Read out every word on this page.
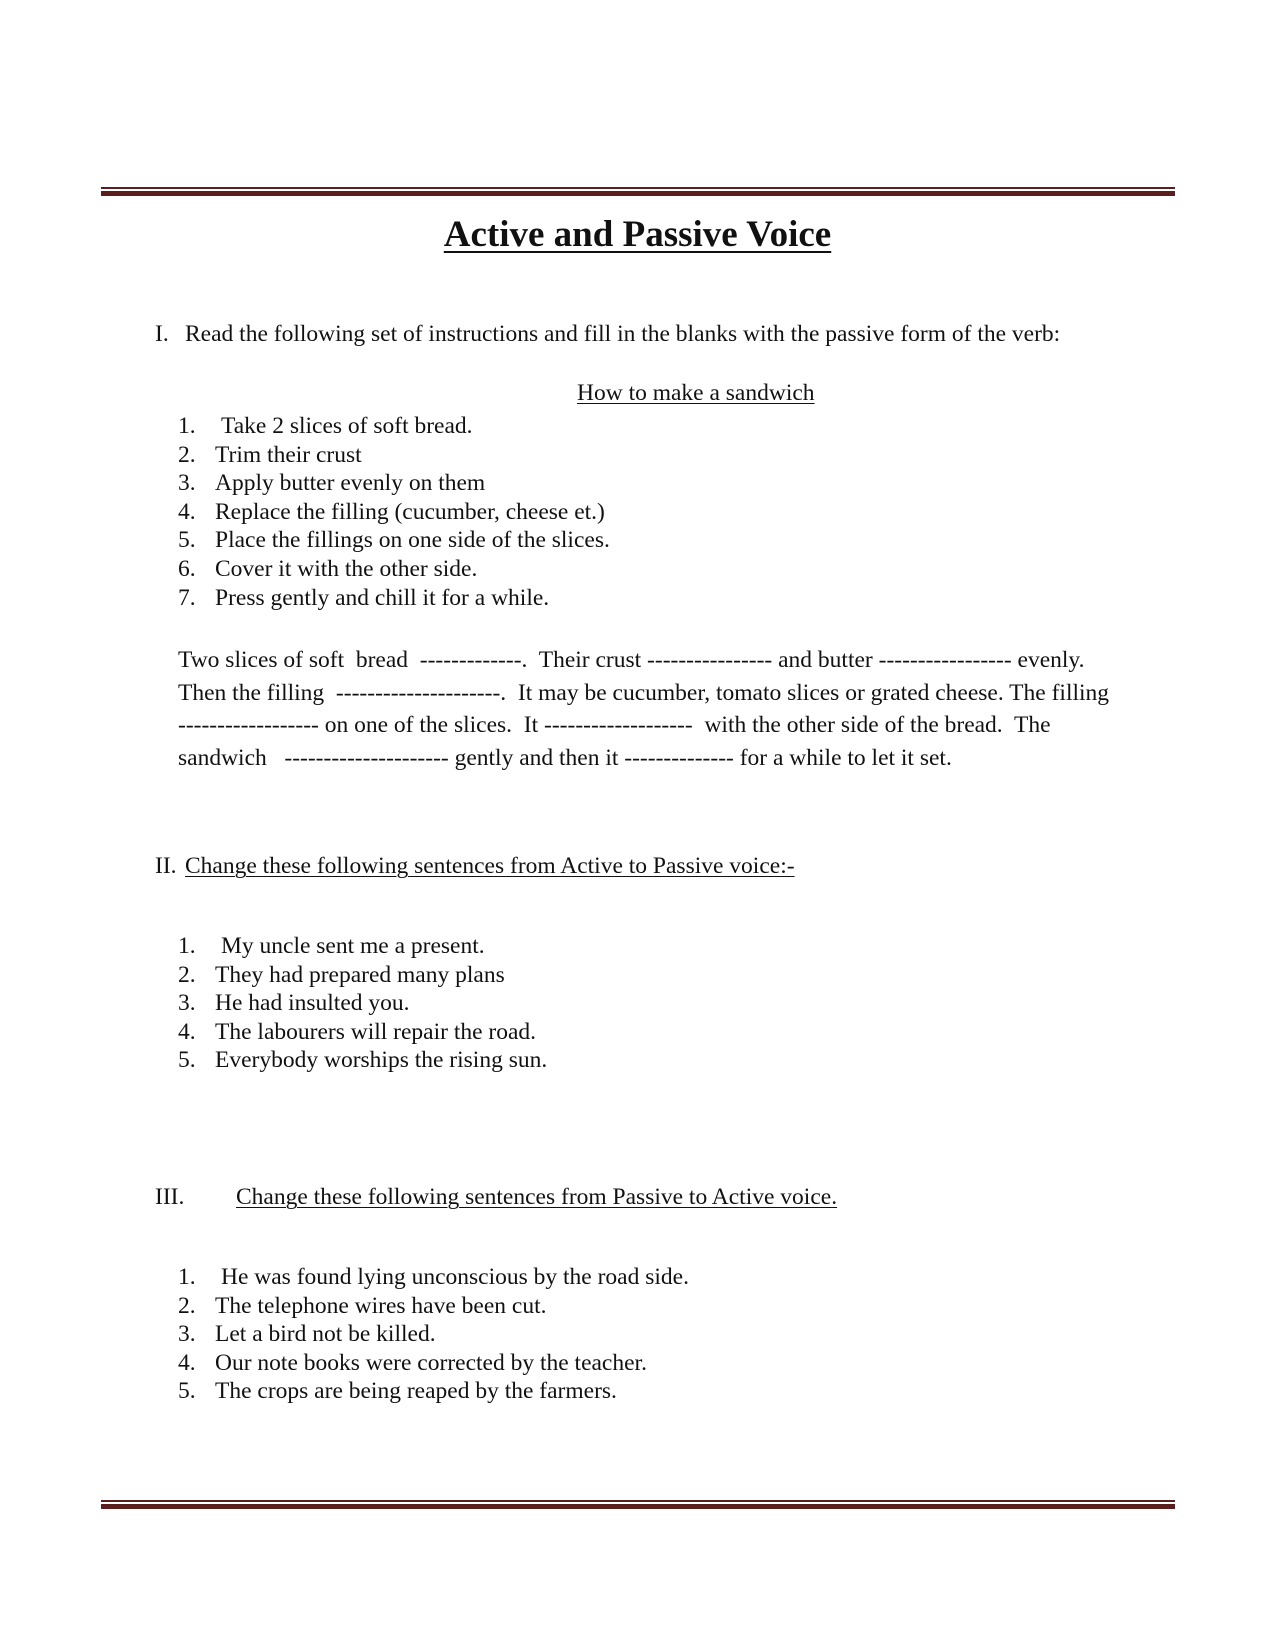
Active and Passive Voice

I. Read the following set of instructions and fill in the blanks with the passive form of the verb:

How to make a sandwich

1. Take 2 slices of soft bread.
2. Trim their crust
3. Apply butter evenly on them
4. Replace the filling (cucumber, cheese et.)
5. Place the fillings on one side of the slices.
6. Cover it with the other side.
7. Press gently and chill it for a while.
Two slices of soft  bread  -------------.  Their crust ---------------- and butter ----------------- evenly.
Then the filling  ---------------------.  It may be cucumber, tomato slices or grated cheese. The filling
------------------ on one of the slices.  It -------------------  with the other side of the bread.  The
sandwich   --------------------- gently and then it -------------- for a while to let it set.

II. Change these following sentences from Active to Passive voice:-

1. My uncle sent me a present.
2. They had prepared many plans
3. He had insulted you.
4. The labourers will repair the road.
5. Everybody worships the rising sun.

III. Change these following sentences from Passive to Active voice.

1. He was found lying unconscious by the road side.
2. The telephone wires have been cut.
3. Let a bird not be killed.
4. Our note books were corrected by the teacher.
5. The crops are being reaped by the farmers.
